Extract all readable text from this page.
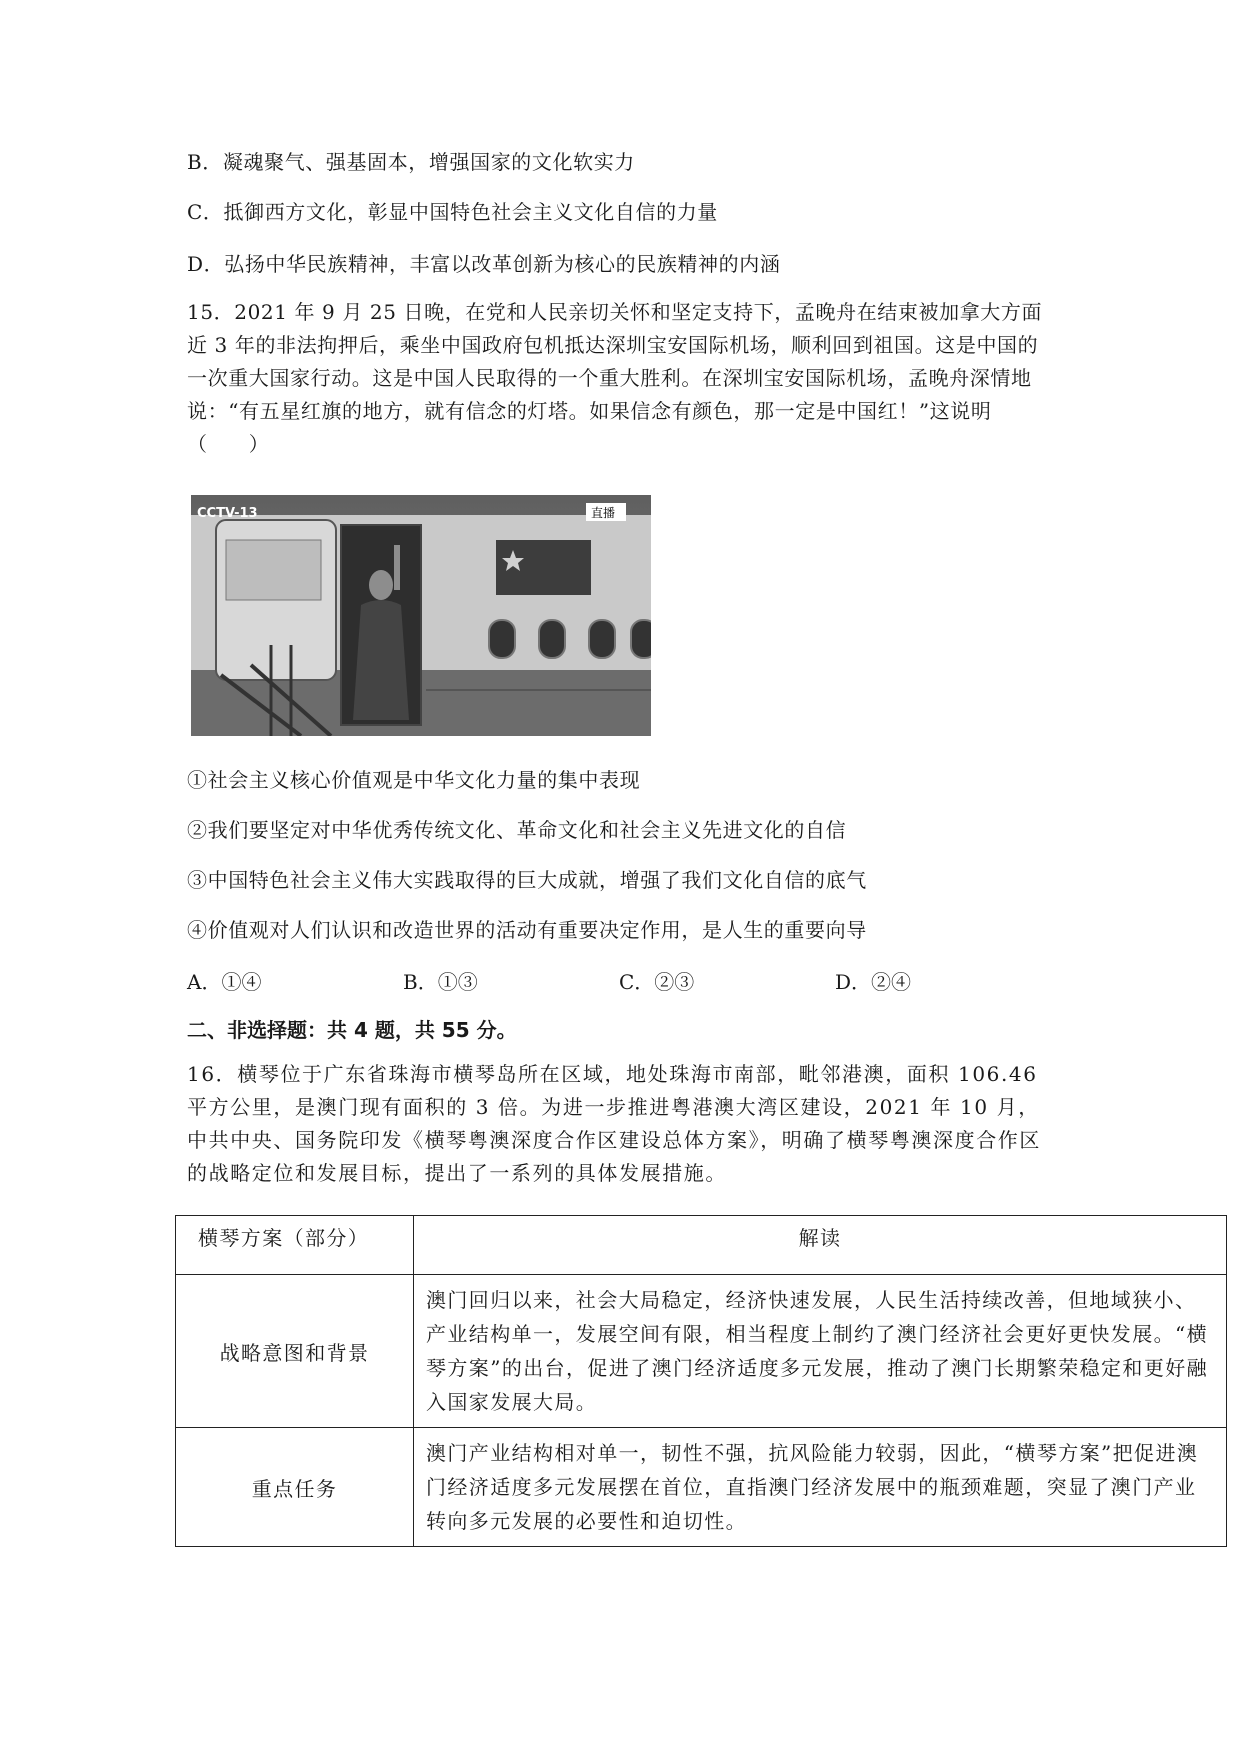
B．凝魂聚气、强基固本，增强国家的文化软实力
C．抵御西方文化，彰显中国特色社会主义文化自信的力量
D．弘扬中华民族精神，丰富以改革创新为核心的民族精神的内涵
15．2021 年 9 月 25 日晚，在党和人民亲切关怀和坚定支持下，孟晚舟在结束被加拿大方面近 3 年的非法拘押后，乘坐中国政府包机抵达深圳宝安国际机场，顺利回到祖国。这是中国的一次重大国家行动。这是中国人民取得的一个重大胜利。在深圳宝安国际机场，孟晚舟深情地说：“有五星红旗的地方，就有信念的灯塔。如果信念有颜色，那一定是中国红！”这说明（　　）
CCTV-13	直播
①社会主义核心价值观是中华文化力量的集中表现
②我们要坚定对中华优秀传统文化、革命文化和社会主义先进文化的自信
③中国特色社会主义伟大实践取得的巨大成就，增强了我们文化自信的底气
④价值观对人们认识和改造世界的活动有重要决定作用，是人生的重要向导
A．①④	B．①③	C．②③	D．②④
二、非选择题：共 4 题，共 55 分。
16．横琴位于广东省珠海市横琴岛所在区域，地处珠海市南部，毗邻港澳，面积 106.46 平方公里，是澳门现有面积的 3 倍。为进一步推进粤港澳大湾区建设，2021 年 10 月，中共中央、国务院印发《横琴粤澳深度合作区建设总体方案》，明确了横琴粤澳深度合作区的战略定位和发展目标，提出了一系列的具体发展措施。
横琴方案（部分）	解读
战略意图和背景	澳门回归以来，社会大局稳定，经济快速发展，人民生活持续改善，但地域狭小、产业结构单一，发展空间有限，相当程度上制约了澳门经济社会更好更快发展。“横琴方案”的出台，促进了澳门经济适度多元发展，推动了澳门长期繁荣稳定和更好融入国家发展大局。
重点任务	澳门产业结构相对单一，韧性不强，抗风险能力较弱，因此，“横琴方案”把促进澳门经济适度多元发展摆在首位，直指澳门经济发展中的瓶颈难题，突显了澳门产业转向多元发展的必要性和迫切性。
